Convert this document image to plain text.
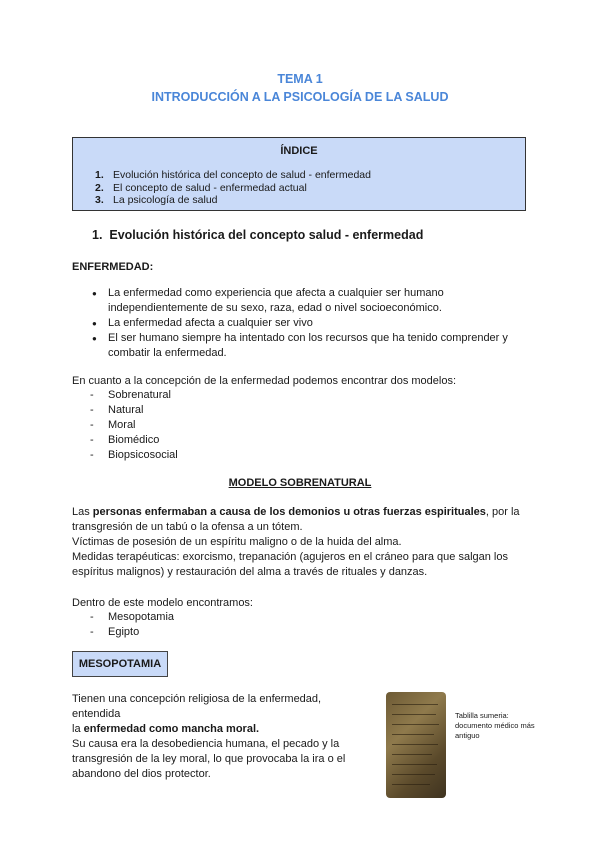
TEMA 1
INTRODUCCIÓN A LA PSICOLOGÍA DE LA SALUD
ÍNDICE
1. Evolución histórica del concepto de salud - enfermedad
2. El concepto de salud - enfermedad actual
3. La psicología de salud
1.  Evolución histórica del concepto salud - enfermedad
ENFERMEDAD:
● La enfermedad como experiencia que afecta a cualquier ser humano independientemente de su sexo, raza, edad o nivel socioeconómico.
● La enfermedad afecta a cualquier ser vivo
● El ser humano siempre ha intentado con los recursos que ha tenido comprender y combatir la enfermedad.
En cuanto a la concepción de la enfermedad podemos encontrar dos modelos:
- Sobrenatural
- Natural
- Moral
- Biomédico
- Biopsicosocial
MODELO SOBRENATURAL
Las personas enfermaban a causa de los demonios u otras fuerzas espirituales, por la transgresión de un tabú o la ofensa a un tótem.
Víctimas de posesión de un espíritu maligno o de la huida del alma.
Medidas terapéuticas: exorcismo, trepanación (agujeros en el cráneo para que salgan los espíritus malignos) y restauración del alma a través de rituales y danzas.
Dentro de este modelo encontramos:
- Mesopotamia
- Egipto
MESOPOTAMIA
Tienen una concepción religiosa de la enfermedad, entendida
la enfermedad como mancha moral.
Su causa era la desobediencia humana, el pecado y la transgresión de la ley moral, lo que provocaba la ira o el abandono del dios protector.
Tablilla sumeria: documento médico más antiguo
